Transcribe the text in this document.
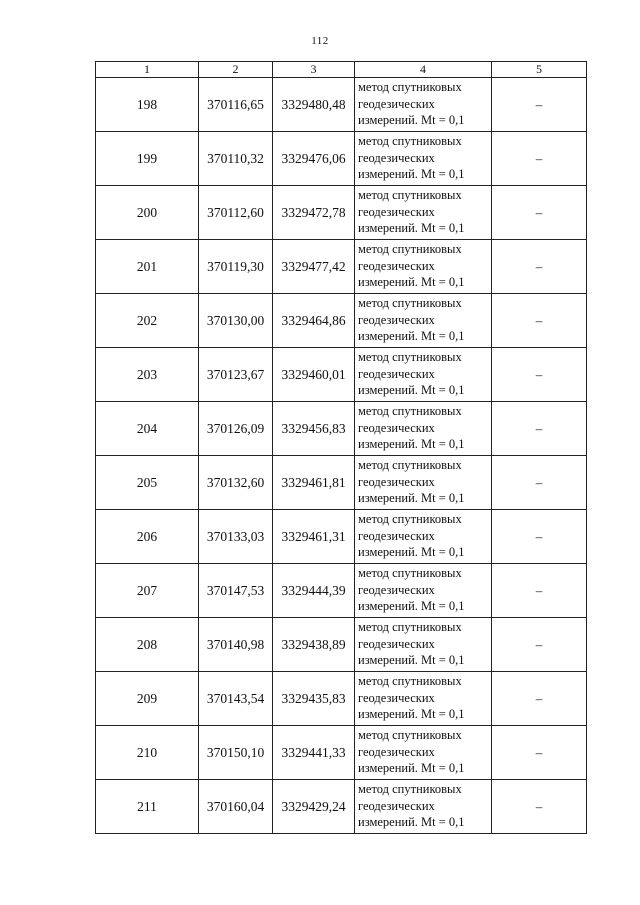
112
1	2	3	4	5
198	370116,65	3329480,48	метод спутниковых
геодезических
измерений. Mt = 0,1	–
199	370110,32	3329476,06	метод спутниковых
геодезических
измерений. Mt = 0,1	–
200	370112,60	3329472,78	метод спутниковых
геодезических
измерений. Mt = 0,1	–
201	370119,30	3329477,42	метод спутниковых
геодезических
измерений. Mt = 0,1	–
202	370130,00	3329464,86	метод спутниковых
геодезических
измерений. Mt = 0,1	–
203	370123,67	3329460,01	метод спутниковых
геодезических
измерений. Mt = 0,1	–
204	370126,09	3329456,83	метод спутниковых
геодезических
измерений. Mt = 0,1	–
205	370132,60	3329461,81	метод спутниковых
геодезических
измерений. Mt = 0,1	–
206	370133,03	3329461,31	метод спутниковых
геодезических
измерений. Mt = 0,1	–
207	370147,53	3329444,39	метод спутниковых
геодезических
измерений. Mt = 0,1	–
208	370140,98	3329438,89	метод спутниковых
геодезических
измерений. Mt = 0,1	–
209	370143,54	3329435,83	метод спутниковых
геодезических
измерений. Mt = 0,1	–
210	370150,10	3329441,33	метод спутниковых
геодезических
измерений. Mt = 0,1	–
211	370160,04	3329429,24	метод спутниковых
геодезических
измерений. Mt = 0,1	–
